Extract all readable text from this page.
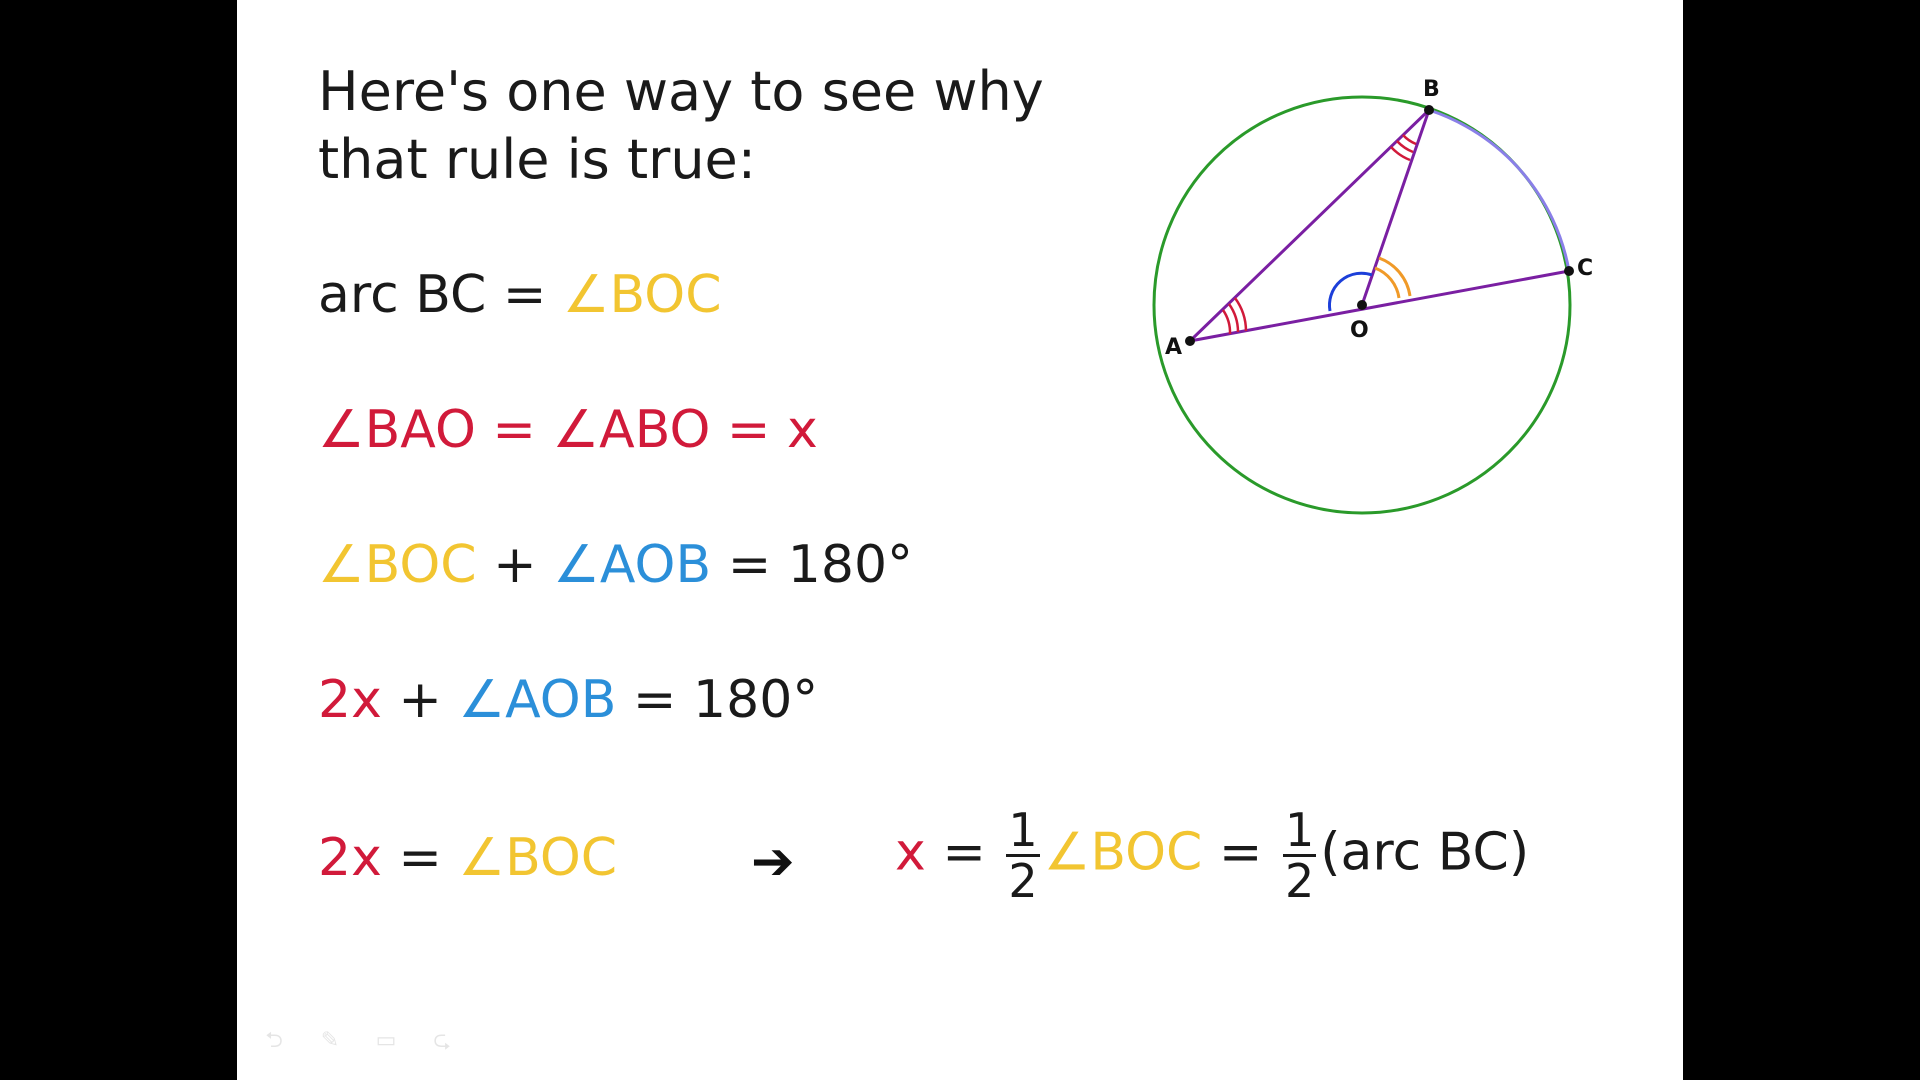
Here's one way to see why that rule is true:
arc BC = ∠BOC
∠BAO = ∠ABO = x
∠BOC + ∠AOB = 180°
2x + ∠AOB = 180°
2x = ∠BOC	➔ $x = \frac{1}{2}$ ∠BOC = $\frac{1}{2} (arc$ BC)
A
B
C
O
⮌	✎	▭	⮎
